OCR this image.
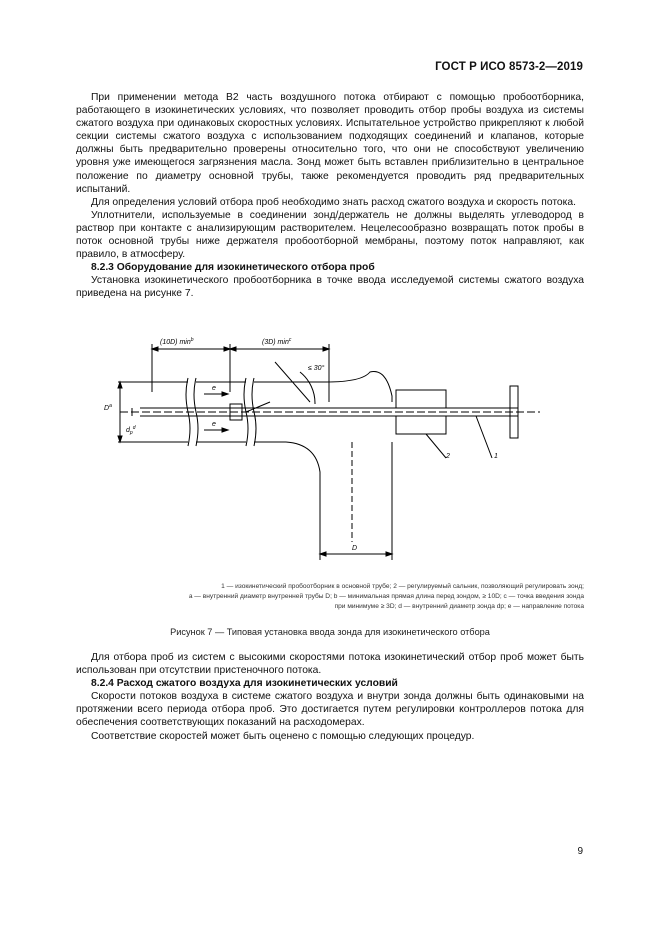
ГОСТ Р ИСО 8573-2—2019

При применении метода В2 часть воздушного потока отбирают с помощью пробоотборника, работающего в изокинетических условиях, что позволяет проводить отбор пробы воздуха из системы сжатого воздуха при одинаковых скоростных условиях. Испытательное устройство прикрепляют к любой секции системы сжатого воздуха с использованием подходящих соединений и клапанов, которые должны быть предварительно проверены относительно того, что они не способствуют увеличению уровня уже имеющегося загрязнения масла. Зонд может быть вставлен приблизительно в центральное положение по диаметру основной трубы, также рекомендуется проводить ряд предварительных испытаний.

Для определения условий отбора проб необходимо знать расход сжатого воздуха и скорость потока.

Уплотнители, используемые в соединении зонд/держатель не должны выделять углеводород в раствор при контакте с анализирующим растворителем. Нецелесообразно возвращать поток пробы в поток основной трубы ниже держателя пробоотборной мембраны, поэтому поток направляют, как правило, в атмосферу.

8.2.3 Оборудование для изокинетического отбора проб

Установка изокинетического пробоотборника в точке ввода исследуемой системы сжатого воздуха приведена на рисунке 7.

(10D) $\min^b$	(3D) $\min^c$
≤ 30°
$D^a$
$d_p^d$
e
e
D
1
2
1 — изокинетический пробоотборник в основной трубе; 2 — регулируемый сальник, позволяющий регулировать зонд;
a — внутренний диаметр внутренней трубы D; b — минимальная прямая длина перед зондом, ≥ 10D; c — точка введения зонда
при минимуме ≥ 3D; d — внутренний диаметр зонда dp; e — направление потока
Рисунок 7 — Типовая установка ввода зонда для изокинетического отбора

Для отбора проб из систем с высокими скоростями потока изокинетический отбор проб может быть использован при отсутствии пристеночного потока.

8.2.4 Расход сжатого воздуха для изокинетических условий

Скорости потоков воздуха в системе сжатого воздуха и внутри зонда должны быть одинаковыми на протяжении всего периода отбора проб. Это достигается путем регулировки контроллеров потока для обеспечения соответствующих показаний на расходомерах.

Соответствие скоростей может быть оценено с помощью следующих процедур.

9
